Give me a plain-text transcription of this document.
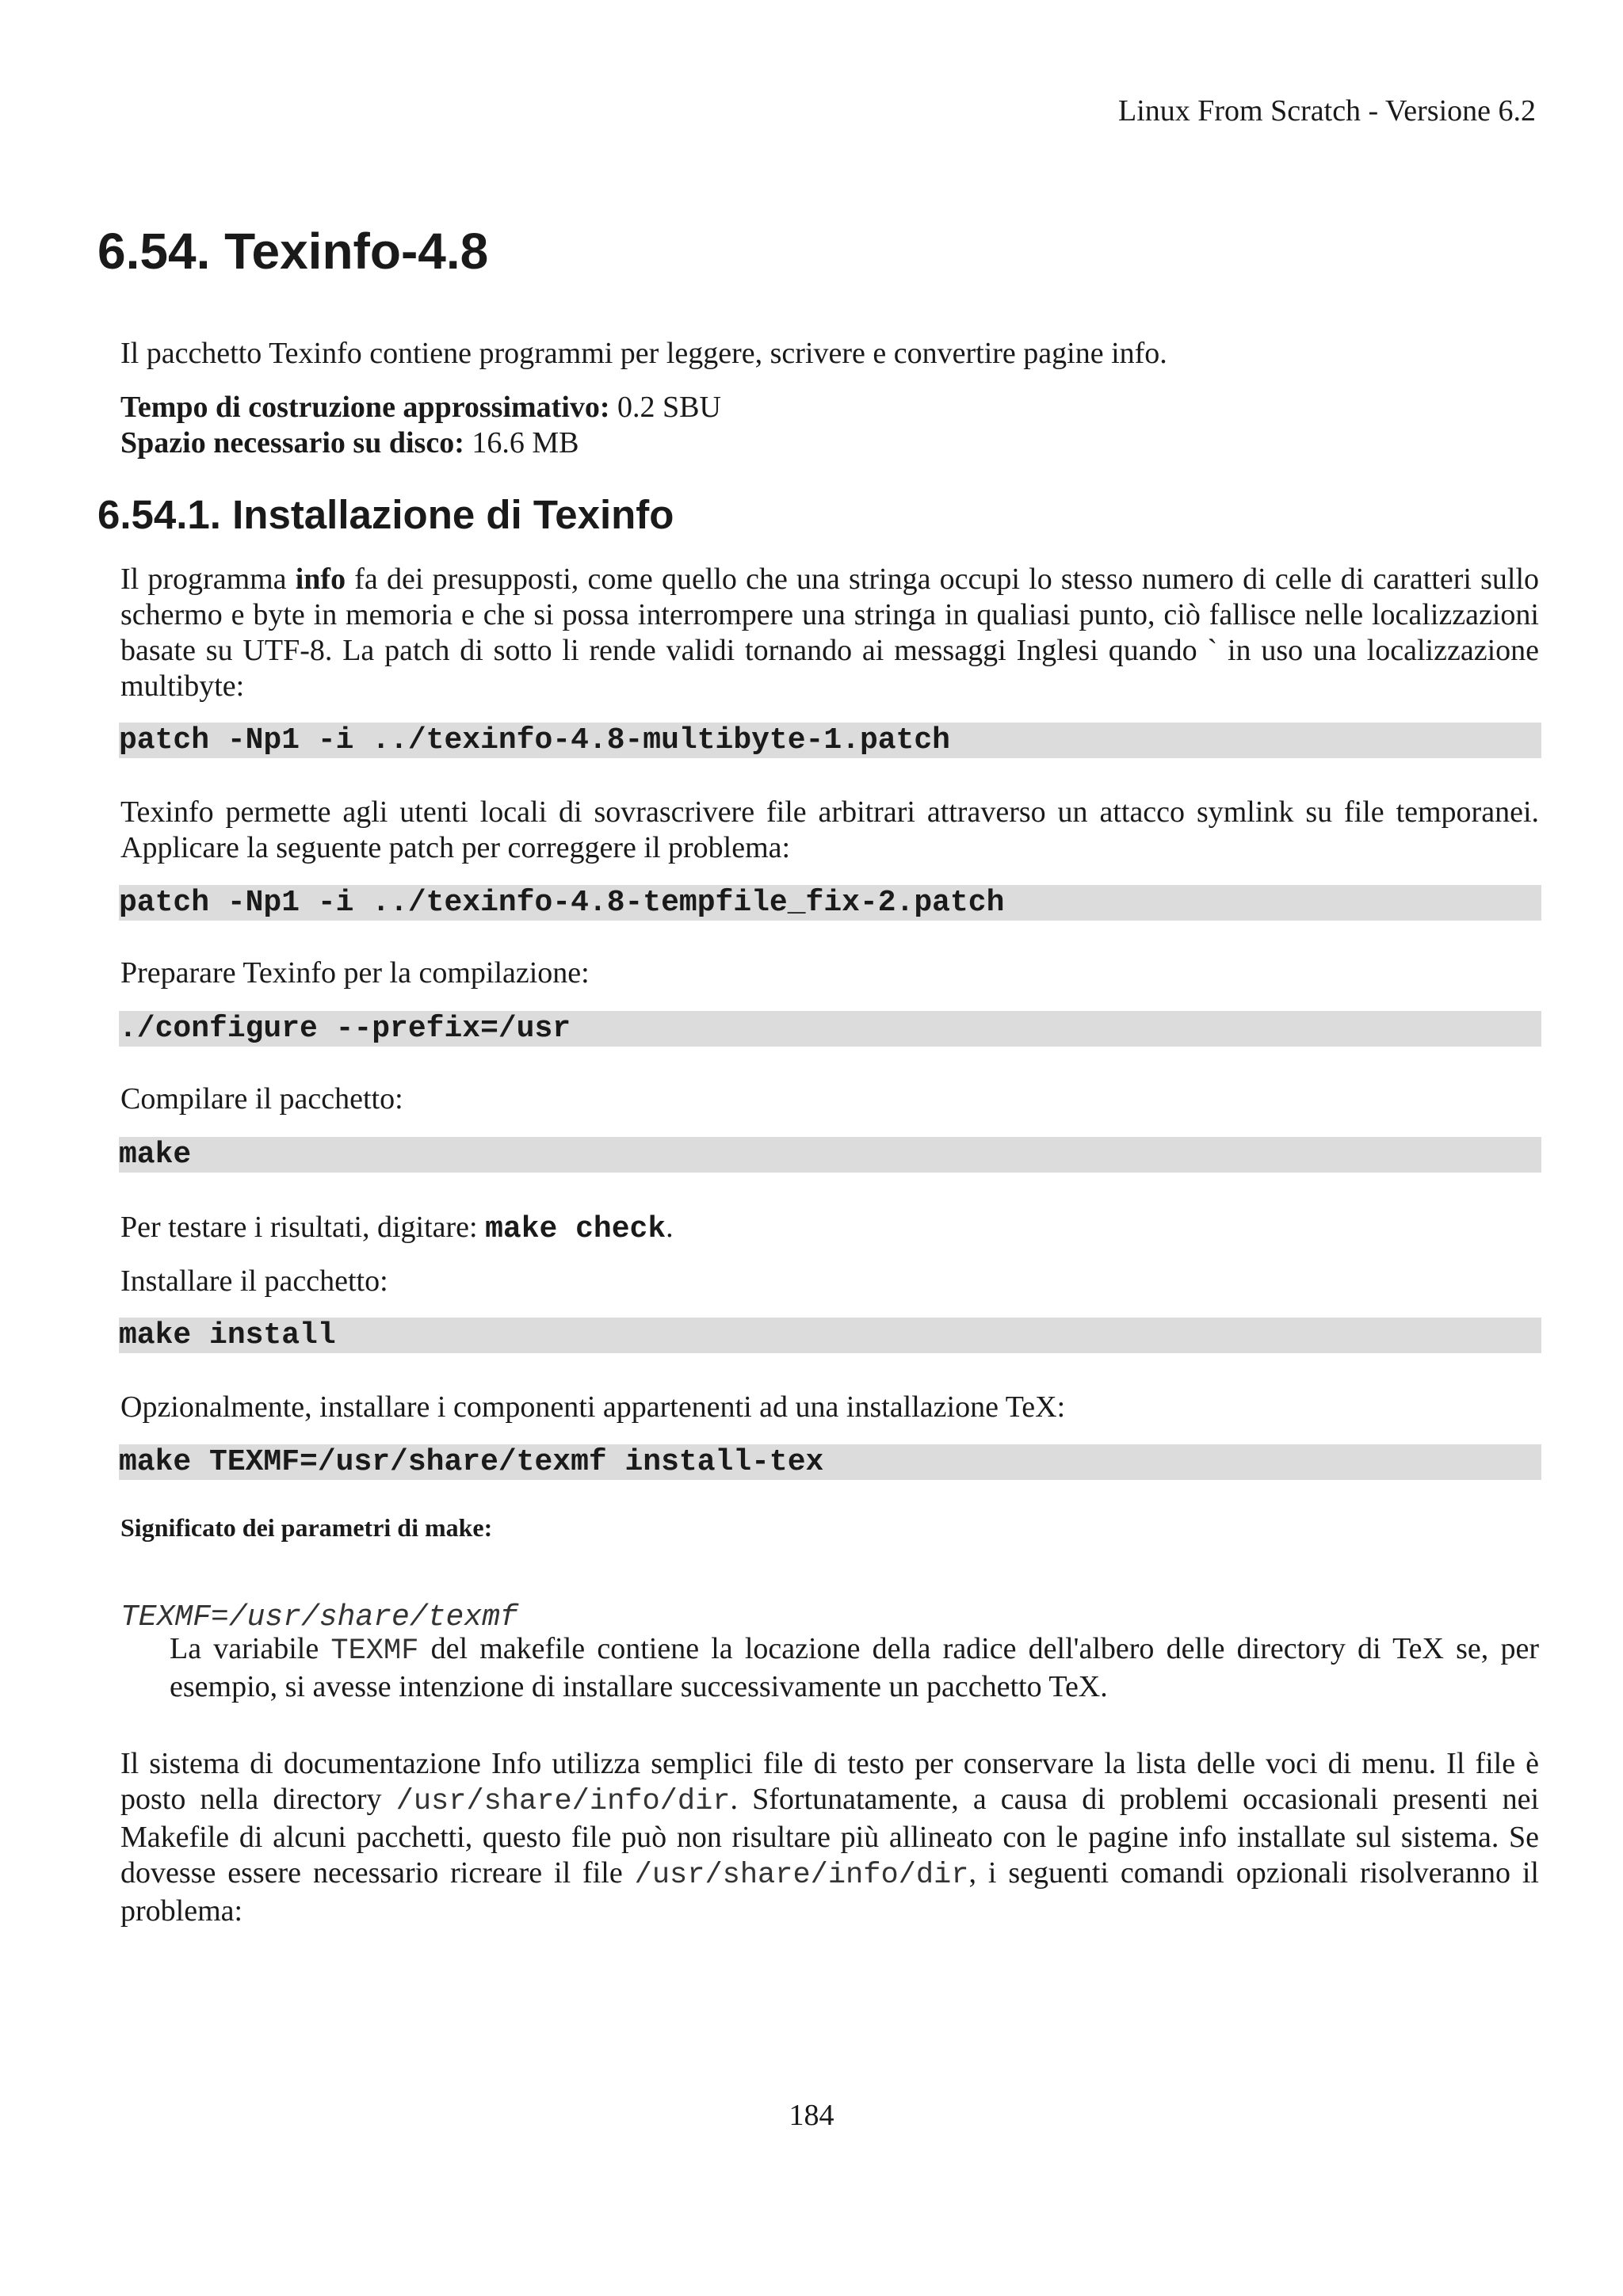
Linux From Scratch - Versione 6.2
6.54. Texinfo-4.8

Il pacchetto Texinfo contiene programmi per leggere, scrivere e convertire pagine info.

Tempo di costruzione approssimativo: 0.2 SBU

Spazio necessario su disco: 16.6 MB

6.54.1. Installazione di Texinfo

Il programma info fa dei presupposti, come quello che una stringa occupi lo stesso numero di celle di caratteri sullo schermo e byte in memoria e che si possa interrompere una stringa in qualiasi punto, ciò fallisce nelle localizzazioni basate su UTF-8. La patch di sotto li rende validi tornando ai messaggi Inglesi quando ` in uso una localizzazione multibyte:

patch -Np1 -i ../texinfo-4.8-multibyte-1.patch

Texinfo permette agli utenti locali di sovrascrivere file arbitrari attraverso un attacco symlink su file temporanei. Applicare la seguente patch per correggere il problema:

patch -Np1 -i ../texinfo-4.8-tempfile_fix-2.patch

Preparare Texinfo per la compilazione:

./configure --prefix=/usr

Compilare il pacchetto:

make

Per testare i risultati, digitare: make check.

Installare il pacchetto:

make install

Opzionalmente, installare i componenti appartenenti ad una installazione TeX:

make TEXMF=/usr/share/texmf install-tex
Significato dei parametri di make:
TEXMF=/usr/share/texmf

La variabile TEXMF del makefile contiene la locazione della radice dell'albero delle directory di TeX se, per esempio, si avesse intenzione di installare successivamente un pacchetto TeX.

Il sistema di documentazione Info utilizza semplici file di testo per conservare la lista delle voci di menu. Il file è posto nella directory /usr/share/info/dir. Sfortunatamente, a causa di problemi occasionali presenti nei Makefile di alcuni pacchetti, questo file può non risultare più allineato con le pagine info installate sul sistema. Se dovesse essere necessario ricreare il file /usr/share/info/dir, i seguenti comandi opzionali risolveranno il problema:

184
